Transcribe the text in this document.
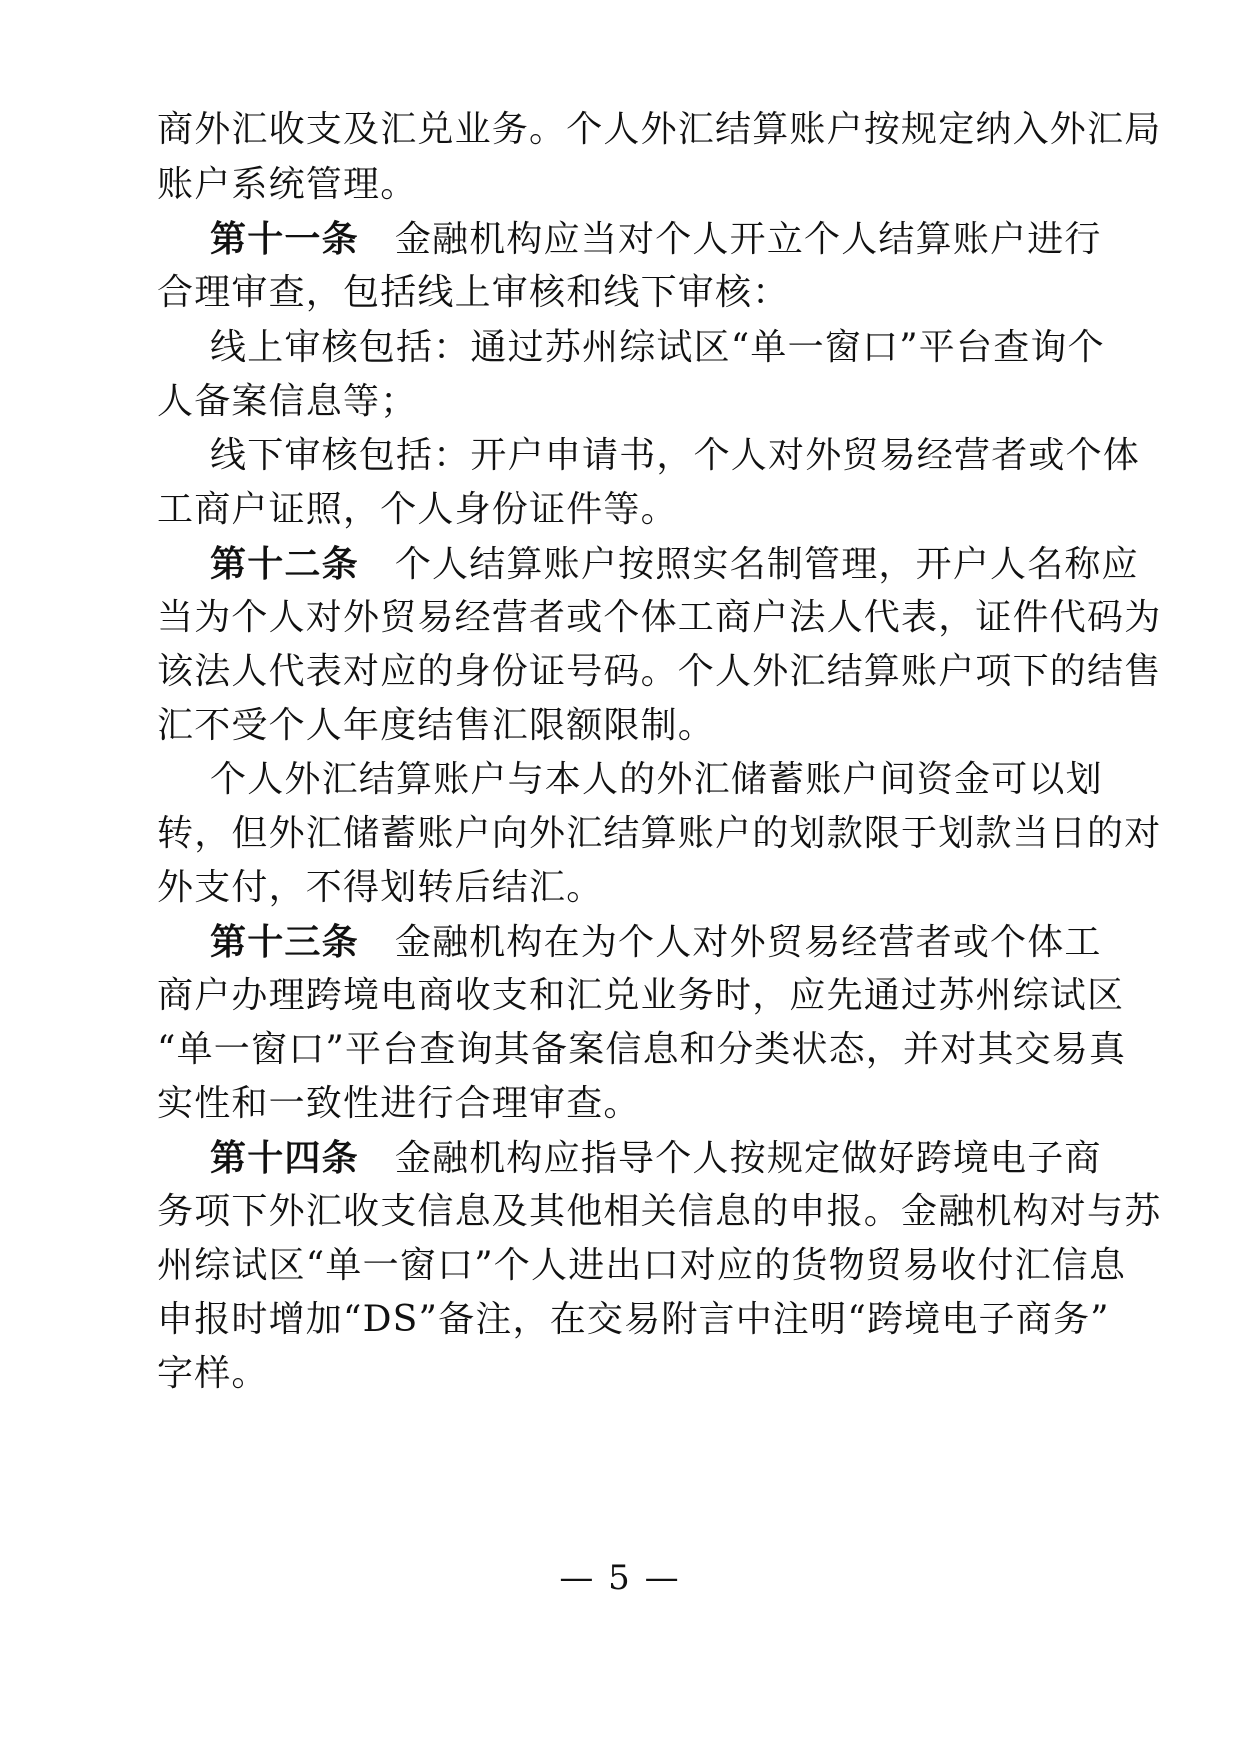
商外汇收支及汇兑业务。个人外汇结算账户按规定纳入外汇局
账户系统管理。
第十一条 金融机构应当对个人开立个人结算账户进行
合理审查，包括线上审核和线下审核：
线上审核包括：通过苏州综试区“单一窗口”平台查询个
人备案信息等；
线下审核包括：开户申请书，个人对外贸易经营者或个体
工商户证照，个人身份证件等。
第十二条 个人结算账户按照实名制管理，开户人名称应
当为个人对外贸易经营者或个体工商户法人代表，证件代码为
该法人代表对应的身份证号码。个人外汇结算账户项下的结售
汇不受个人年度结售汇限额限制。
个人外汇结算账户与本人的外汇储蓄账户间资金可以划
转，但外汇储蓄账户向外汇结算账户的划款限于划款当日的对
外支付，不得划转后结汇。
第十三条 金融机构在为个人对外贸易经营者或个体工
商户办理跨境电商收支和汇兑业务时，应先通过苏州综试区
“单一窗口”平台查询其备案信息和分类状态，并对其交易真
实性和一致性进行合理审查。
第十四条 金融机构应指导个人按规定做好跨境电子商
务项下外汇收支信息及其他相关信息的申报。金融机构对与苏
州综试区“单一窗口”个人进出口对应的货物贸易收付汇信息
申报时增加“DS”备注，在交易附言中注明“跨境电子商务”
字样。
— 5 —
